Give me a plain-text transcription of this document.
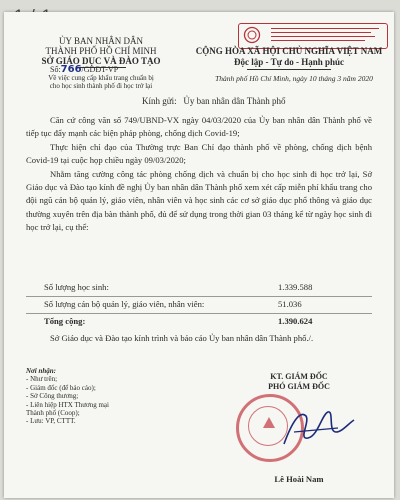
ỦY BAN NHÂN DÂN
THÀNH PHỐ HỒ CHÍ MINH
SỞ GIÁO DỤC VÀ ĐÀO TẠO
Số:766/GDĐT-VP
Về việc cung cấp khẩu trang chuẩn bị
cho học sinh thành phố đi học trở lại
CỘNG HÒA XÃ HỘI CHỦ NGHĨA VIỆT NAM
Độc lập - Tự do - Hạnh phúc
Thành phố Hồ Chí Minh, ngày 10 tháng 3 năm 2020
Kính gửi: Ủy ban nhân dân Thành phố

Căn cứ công văn số 749/UBND-VX ngày 04/03/2020 của Ủy ban nhân dân Thành phố về tiếp tục đẩy mạnh các biện pháp phòng, chống dịch Covid-19;

Thực hiện chỉ đạo của Thường trực Ban Chỉ đạo thành phố về phòng, chống dịch bệnh Covid-19 tại cuộc họp chiều ngày 09/03/2020;

Nhằm tăng cường công tác phòng chống dịch và chuẩn bị cho học sinh đi học trở lại, Sở Giáo dục và Đào tạo kính đề nghị Ủy ban nhân dân Thành phố xem xét cấp miễn phí khẩu trang cho đội ngũ cán bộ quản lý, giáo viên, nhân viên và học sinh các cơ sở giáo dục phổ thông và giáo dục thường xuyên trên địa bàn thành phố, đủ để sử dụng trong thời gian 03 tháng kể từ ngày học sinh đi học trở lại, cụ thể:

Số lượng học sinh:	1.339.588
Số lượng cán bộ quản lý, giáo viên, nhân viên:	51.036
Tổng cộng:	1.390.624
Sở Giáo dục và Đào tạo kính trình và báo cáo Ủy ban nhân dân Thành phố./.
Nơi nhận:
- Như trên;
- Giám đốc (để báo cáo);
- Sở Công thương;
- Liên hiệp HTX Thương mại
Thành phố (Coop);
- Lưu: VP, CTTT.
KT. GIÁM ĐỐC
PHÓ GIÁM ĐỐC
Lê Hoài Nam
